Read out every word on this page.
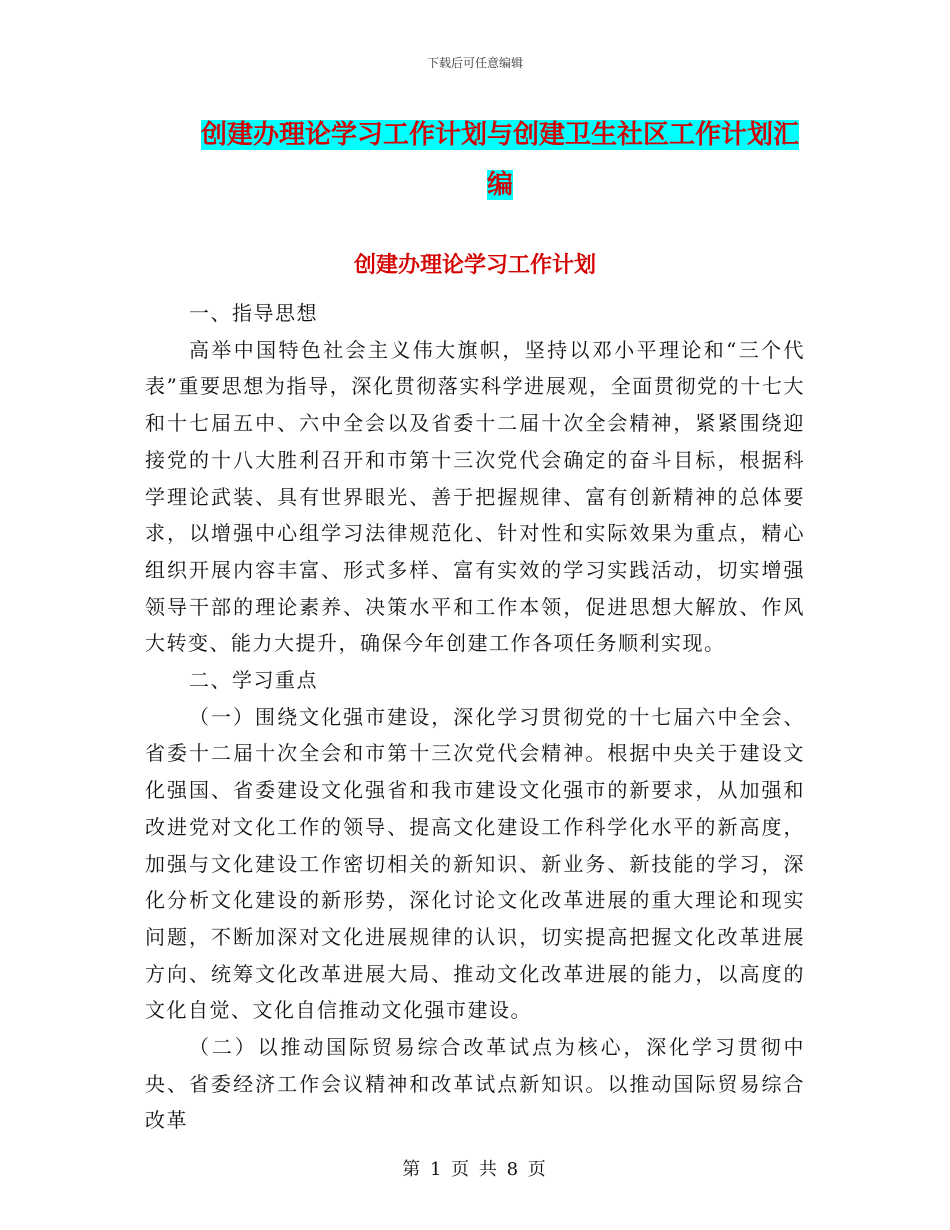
下载后可任意编辑
创建办理论学习工作计划与创建卫生社区工作计划汇
编
创建办理论学习工作计划

一、指导思想

高举中国特色社会主义伟大旗帜，坚持以邓小平理论和“三个代表”重要思想为指导，深化贯彻落实科学进展观，全面贯彻党的十七大和十七届五中、六中全会以及省委十二届十次全会精神，紧紧围绕迎接党的十八大胜利召开和市第十三次党代会确定的奋斗目标，根据科学理论武装、具有世界眼光、善于把握规律、富有创新精神的总体要求，以增强中心组学习法律规范化、针对性和实际效果为重点，精心组织开展内容丰富、形式多样、富有实效的学习实践活动，切实增强领导干部的理论素养、决策水平和工作本领，促进思想大解放、作风大转变、能力大提升，确保今年创建工作各项任务顺利实现。

二、学习重点

（一）围绕文化强市建设，深化学习贯彻党的十七届六中全会、省委十二届十次全会和市第十三次党代会精神。根据中央关于建设文化强国、省委建设文化强省和我市建设文化强市的新要求，从加强和改进党对文化工作的领导、提高文化建设工作科学化水平的新高度，加强与文化建设工作密切相关的新知识、新业务、新技能的学习，深化分析文化建设的新形势，深化讨论文化改革进展的重大理论和现实问题，不断加深对文化进展规律的认识，切实提高把握文化改革进展方向、统筹文化改革进展大局、推动文化改革进展的能力，以高度的文化自觉、文化自信推动文化强市建设。

（二）以推动国际贸易综合改革试点为核心，深化学习贯彻中央、省委经济工作会议精神和改革试点新知识。以推动国际贸易综合改革

第 1 页 共 8 页
